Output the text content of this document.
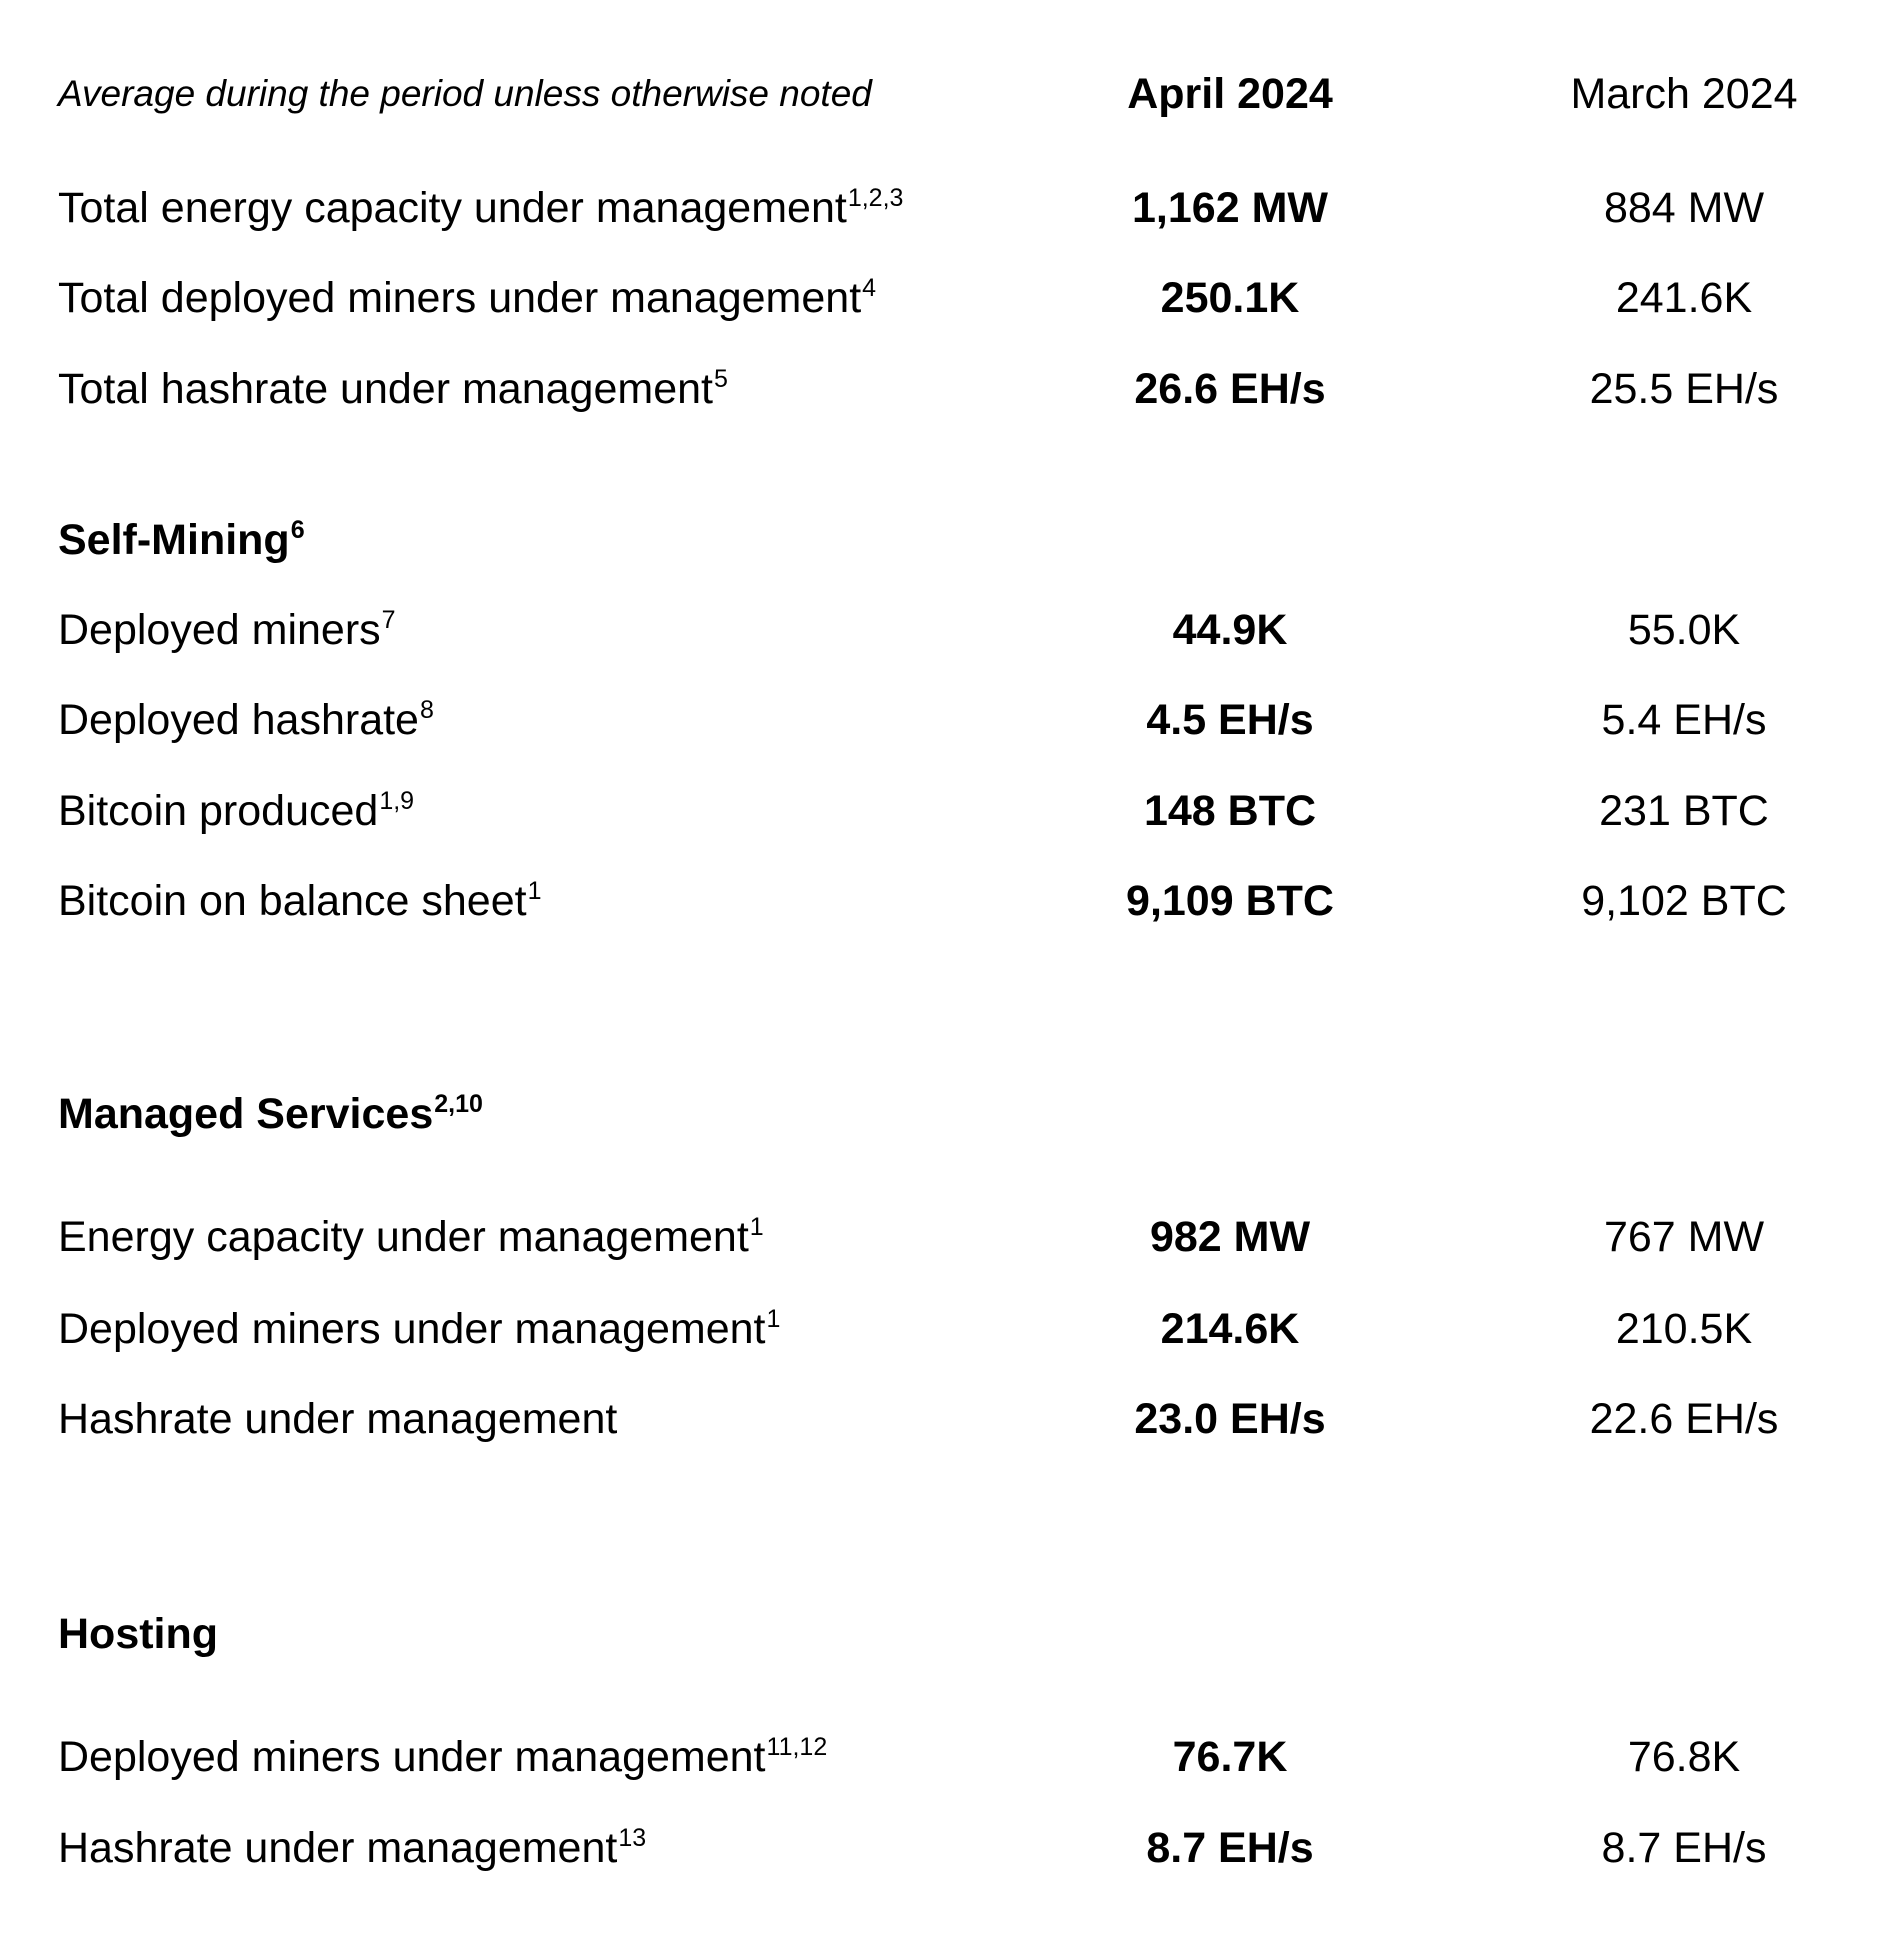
Average during the period unless otherwise noted	April 2024	March 2024
Total energy capacity under management$^{1,2,3}$	1,162 MW	884 MW
Total deployed miners under management$^4$	250.1K	241.6K
Total hashrate under management$^5$	26.6 EH/s	25.5 EH/s
Self-Mining$^6$
Deployed miners$^7$	44.9K	55.0K
Deployed hashrate$^8$	4.5 EH/s	5.4 EH/s
Bitcoin produced$^{1,9}$	148 BTC	231 BTC
Bitcoin on balance sheet$^1$	9,109 BTC	9,102 BTC
Managed Services$^{2,10}$
Energy capacity under management$^1$	982 MW	767 MW
Deployed miners under management$^1$	214.6K	210.5K
Hashrate under management	23.0 EH/s	22.6 EH/s
Hosting
Deployed miners under management$^{11,12}$	76.7K	76.8K
Hashrate under management$^{13}$	8.7 EH/s	8.7 EH/s
